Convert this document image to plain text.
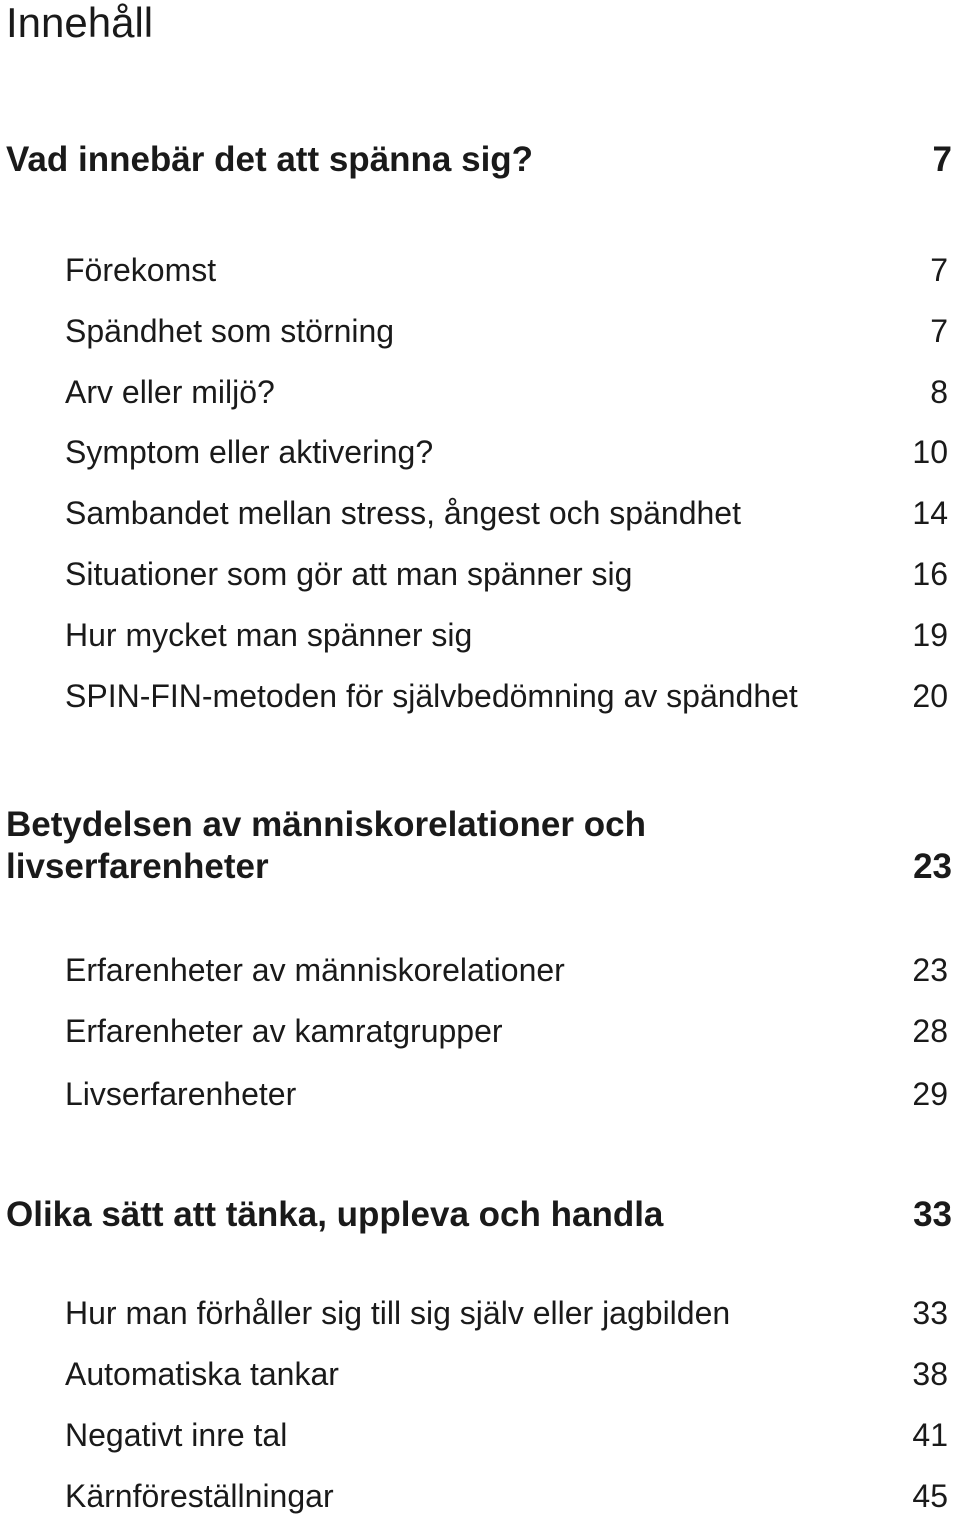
Innehåll
Vad innebär det att spänna sig?	7
Förekomst	7
Spändhet som störning	7
Arv eller miljö?	8
Symptom eller aktivering?	10
Sambandet mellan stress, ångest och spändhet	14
Situationer som gör att man spänner sig	16
Hur mycket man spänner sig	19
SPIN-FIN-metoden för självbedömning av spändhet	20
Betydelsen av människorelationer och
livserfarenheter	23
Erfarenheter av människorelationer	23
Erfarenheter av kamratgrupper	28
Livserfarenheter	29
Olika sätt att tänka, uppleva och handla	33
Hur man förhåller sig till sig själv eller jagbilden	33
Automatiska tankar	38
Negativt inre tal	41
Kärnföreställningar	45
